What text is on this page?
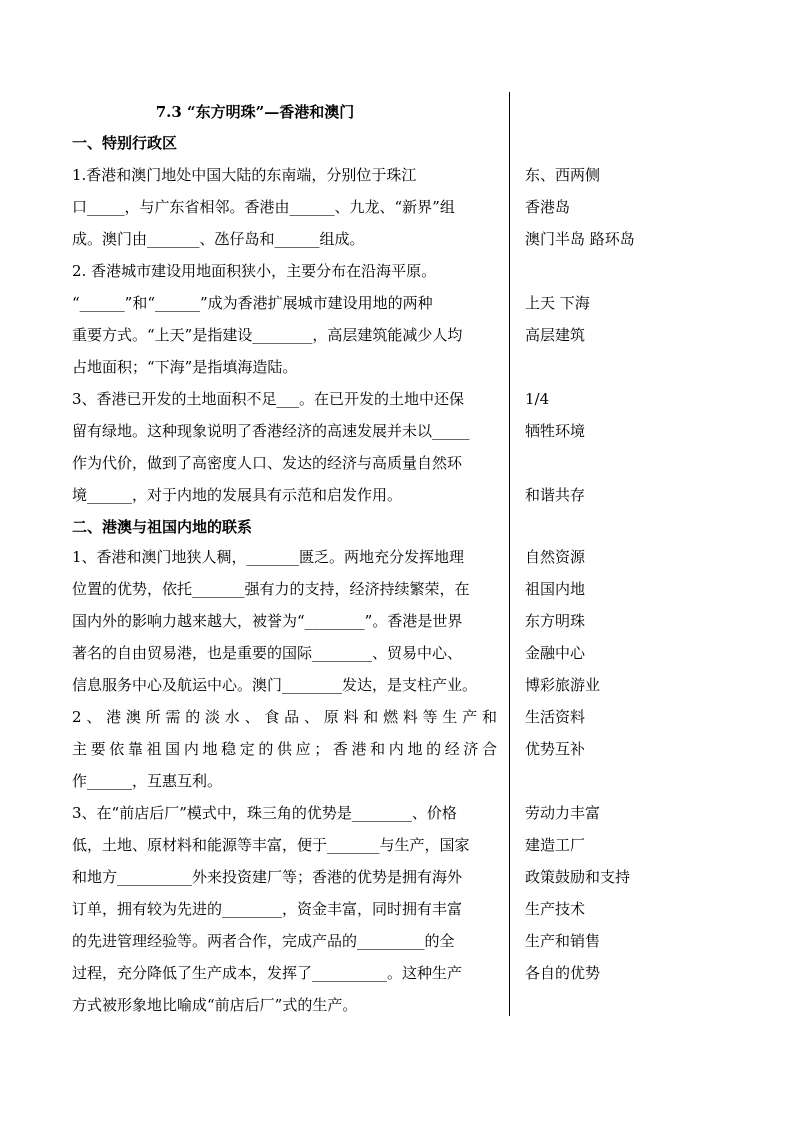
7.3 “东方明珠”—香港和澳门
一、特别行政区
1.香港和澳门地处中国大陆的东南端，分别位于珠江
口_____，与广东省相邻。香港由______、九龙、“新界”组
成。澳门由_______、氹仔岛和______组成。
2. 香港城市建设用地面积狭小，主要分布在沿海平原。
“______”和“______”成为香港扩展城市建设用地的两种
重要方式。“上天”是指建设________，高层建筑能减少人均
占地面积；“下海”是指填海造陆。
3、香港已开发的土地面积不足___。在已开发的土地中还保
留有绿地。这种现象说明了香港经济的高速发展并未以_____
作为代价，做到了高密度人口、发达的经济与高质量自然环
境______，对于内地的发展具有示范和启发作用。
二、港澳与祖国内地的联系
1、香港和澳门地狭人稠，_______匮乏。两地充分发挥地理
位置的优势，依托_______强有力的支持，经济持续繁荣，在
国内外的影响力越来越大，被誉为“________”。香港是世界
著名的自由贸易港，也是重要的国际________、贸易中心、
信息服务中心及航运中心。澳门________发达，是支柱产业。
2、港澳所需的淡水、食品、原料和燃料等生产和
主要依靠祖国内地稳定的供应；香港和内地的经济合
作______，互惠互利。
3、在“前店后厂”模式中，珠三角的优势是________、价格
低，土地、原材料和能源等丰富，便于_______与生产，国家
和地方__________外来投资建厂等；香港的优势是拥有海外
订单，拥有较为先进的________，资金丰富，同时拥有丰富
的先进管理经验等。两者合作，完成产品的_________的全
过程，充分降低了生产成本，发挥了__________。这种生产
方式被形象地比喻成“前店后厂”式的生产。
东、西两侧
香港岛
澳门半岛 路环岛
上天 下海
高层建筑
1/4
牺牲环境
和谐共存
自然资源
祖国内地
东方明珠
金融中心
博彩旅游业
生活资料
优势互补
劳动力丰富
建造工厂
政策鼓励和支持
生产技术
生产和销售
各自的优势
